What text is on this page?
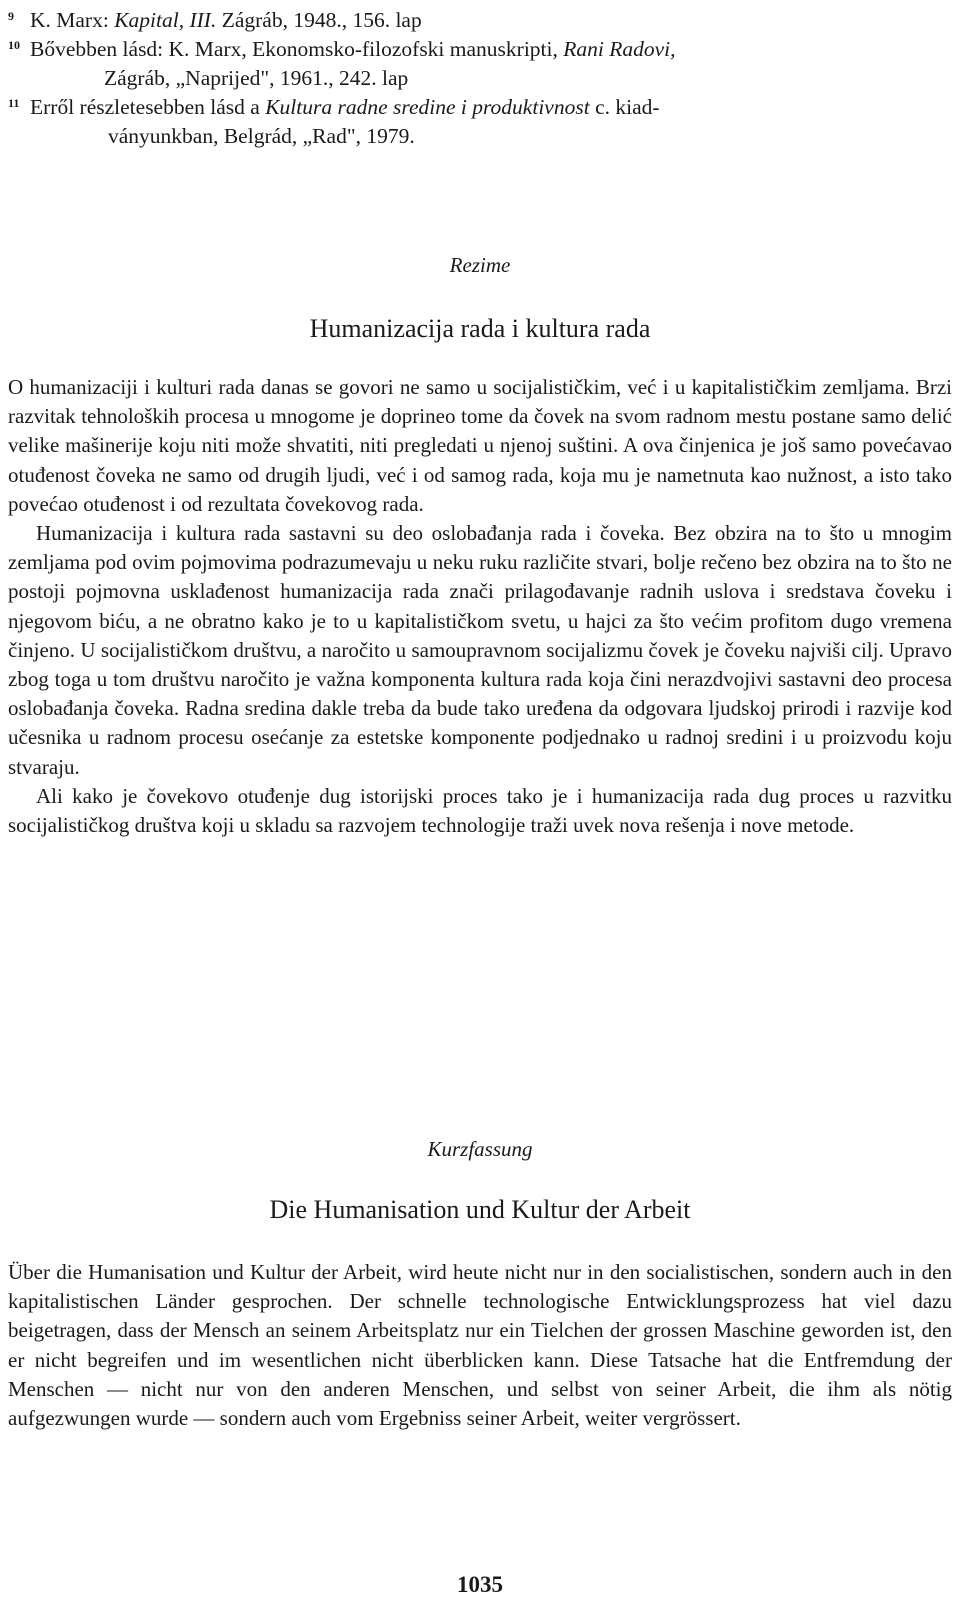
9 K. Marx: Kapital, III. Zágráb, 1948., 156. lap
10 Bővebben lásd: K. Marx, Ekonomsko-filozofski manuskripti, Rani Radovi,
Zágráb, „Naprijed", 1961., 242. lap
11 Erről részletesebben lásd a Kultura radne sredine i produktivnost c. kiad-
ványunkban, Belgrád, „Rad", 1979.
Rezime
Humanizacija rada i kultura rada

O humanizaciji i kulturi rada danas se govori ne samo u socijalističkim, već i u kapitalističkim zemljama. Brzi razvitak tehnoloških procesa u mnogome je doprineo tome da čovek na svom radnom mestu postane samo delić velike mašinerije koju niti može shvatiti, niti pregledati u njenoj suštini. A ova činjenica je još samo povećavao otuđenost čoveka ne samo od drugih ljudi, već i od samog rada, koja mu je nametnuta kao nužnost, a isto tako povećao otuđenost i od rezultata čovekovog rada.

Humanizacija i kultura rada sastavni su deo oslobađanja rada i čoveka. Bez obzira na to što u mnogim zemljama pod ovim pojmovima podrazumevaju u neku ruku različite stvari, bolje rečeno bez obzira na to što ne postoji pojmovna usklađenost humanizacija rada znači prilagođavanje radnih uslova i sredstava čoveku i njegovom biću, a ne obratno kako je to u kapitalističkom svetu, u hajci za što većim profitom dugo vremena činjeno. U socijalističkom društvu, a naročito u samoupravnom socijalizmu čovek je čoveku najviši cilj. Upravo zbog toga u tom društvu naročito je važna komponenta kultura rada koja čini nerazdvojivi sastavni deo procesa oslobađanja čoveka. Radna sredina dakle treba da bude tako uređena da odgovara ljudskoj prirodi i razvije kod učesnika u radnom procesu osećanje za estetske komponente podjednako u radnoj sredini i u proizvodu koju stvaraju.

Ali kako je čovekovo otuđenje dug istorijski proces tako je i humanizacija rada dug proces u razvitku socijalističkog društva koji u skladu sa razvojem technologije traži uvek nova rešenja i nove metode.

Kurzfassung
Die Humanisation und Kultur der Arbeit

Über die Humanisation und Kultur der Arbeit, wird heute nicht nur in den socialistischen, sondern auch in den kapitalistischen Länder gesprochen. Der schnelle technologische Entwicklungsprozess hat viel dazu beigetragen, dass der Mensch an seinem Arbeitsplatz nur ein Tielchen der grossen Maschine geworden ist, den er nicht begreifen und im wesentlichen nicht überblicken kann. Diese Tatsache hat die Entfremdung der Menschen — nicht nur von den anderen Menschen, und selbst von seiner Arbeit, die ihm als nötig aufgezwungen wurde — sondern auch vom Ergebniss seiner Arbeit, weiter vergrössert.

1035
